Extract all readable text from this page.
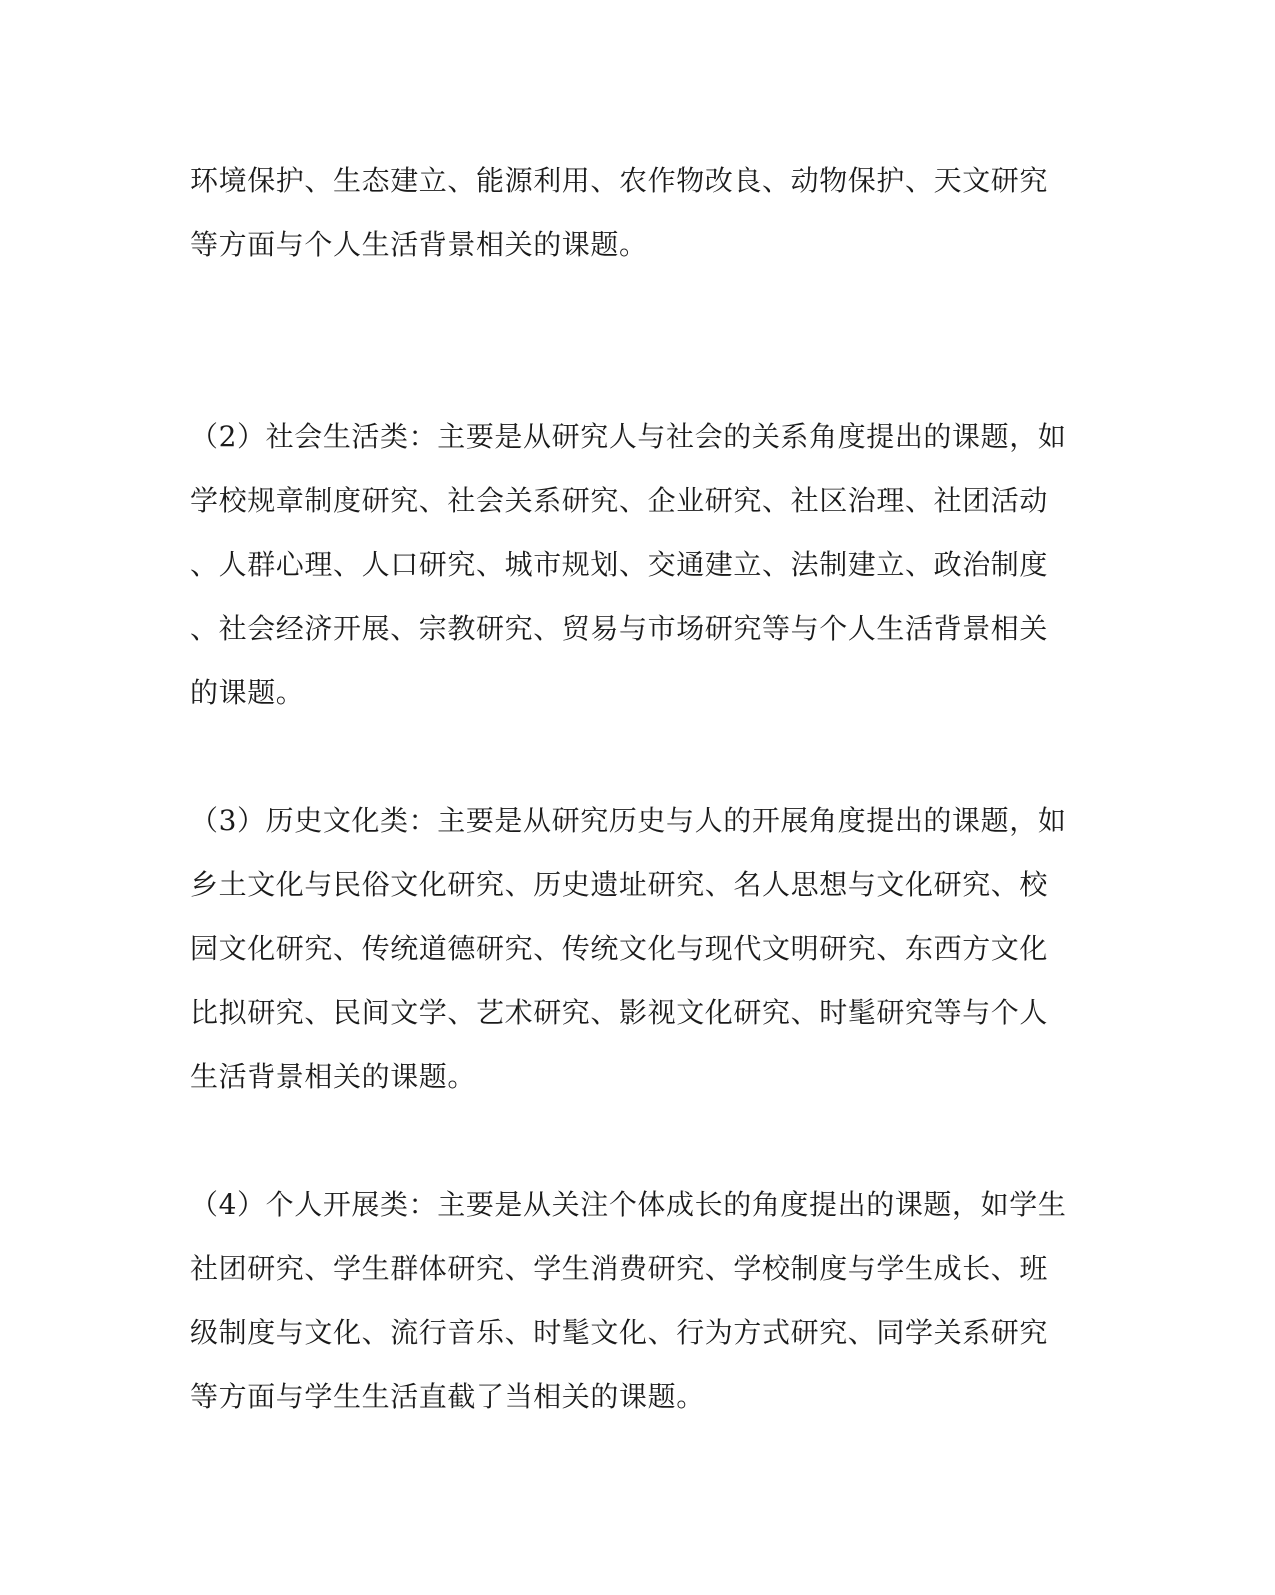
环境保护、生态建立、能源利用、农作物改良、动物保护、天文研究
等方面与个人生活背景相关的课题。
（2）社会生活类：主要是从研究人与社会的关系角度提出的课题，如
学校规章制度研究、社会关系研究、企业研究、社区治理、社团活动
、人群心理、人口研究、城市规划、交通建立、法制建立、政治制度
、社会经济开展、宗教研究、贸易与市场研究等与个人生活背景相关
的课题。
（3）历史文化类：主要是从研究历史与人的开展角度提出的课题，如
乡土文化与民俗文化研究、历史遗址研究、名人思想与文化研究、校
园文化研究、传统道德研究、传统文化与现代文明研究、东西方文化
比拟研究、民间文学、艺术研究、影视文化研究、时髦研究等与个人
生活背景相关的课题。
（4）个人开展类：主要是从关注个体成长的角度提出的课题，如学生
社团研究、学生群体研究、学生消费研究、学校制度与学生成长、班
级制度与文化、流行音乐、时髦文化、行为方式研究、同学关系研究
等方面与学生生活直截了当相关的课题。
